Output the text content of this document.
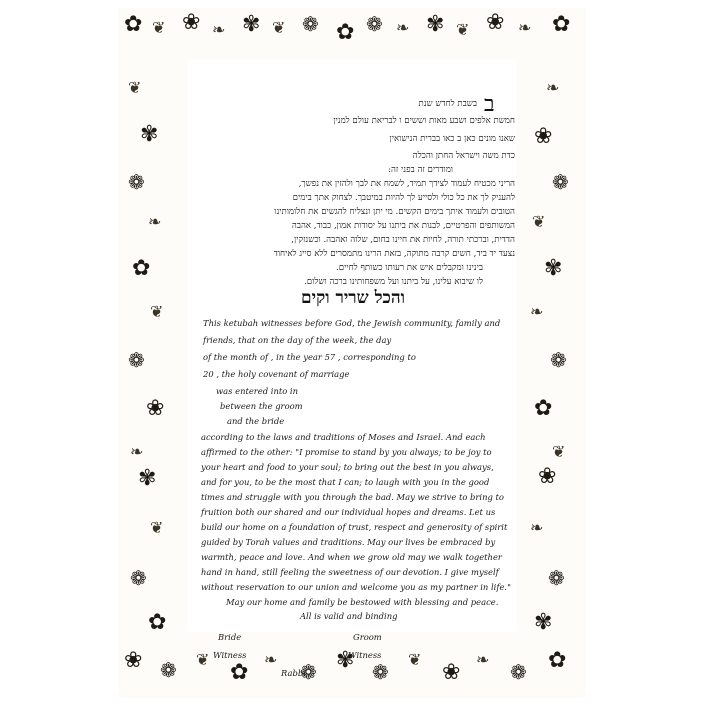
✿ ❦ ❀ ❧ ✾ ❦ ❁ ✿ ❁ ❧ ✾ ❦ ❀ ❧ ✿
❦
✾
❁
❧
✿
❦
❁
❀
❧
✾
❦
❁
✿
❧
❀
❁
❦
✾
❧
❁
✿
❦
❀
❧
❁
✾
❀ ❁ ❦
✿
❧
❁ ✾ ❁
❦
❀
❧
❁ ✿
ב
בשבת לחדש שנת
חמשת אלפים ושבע מאות וששים ו לבריאת עולם למנין
שאנו מונים כאן ב כאו בברית הנישואין
כדת משה וישראל החתן והכלה
ומודרים זה בפני זה:
הריני מכטיח לעמוד לצידך תמיד, לשמח את לבך ולהזין את נפשך,
להעניק לך את כל כולי ולסייע לך להיות במיטבך. לצחוק אתך בימים
הטובים ולעמוד איתך בימים הקשים. מי יתן ונצליח להגשים את חלומותינו
המשותפים והפרטיים, לבנות את ביתנו על יסודות אמון, כבוד, אהבה
הדדית, וברכתי תורה, לחיות את חיינו בחום, שלוה ואהבה. וכשנזקין,
נצעד יד ביד, חשים קרבה מתוקה, בזאת הרינו מתמסרים ללא סייג לאיחוד
בינינו ומקבלים איש את רעותו כשותף לחיים.
לו שיבוא עלינו, על ביתנו ועל משפחותינו ברכה ושלום.
והכל שריר וקים
This ketubah witnesses before God, the Jewish community, family and
friends, that on the day of the week, the day
of the month of , in the year 57 , corresponding to
20 , the holy covenant of marriage
was entered into in
between the groom
and the bride
according to the laws and traditions of Moses and Israel. And each
affirmed to the other: "I promise to stand by you always; to be joy to
your heart and food to your soul; to bring out the best in you always,
and for you, to be the most that I can; to laugh with you in the good
times and struggle with you through the bad. May we strive to bring to
fruition both our shared and our individual hopes and dreams. Let us
build our home on a foundation of trust, respect and generosity of spirit
guided by Torah values and traditions. May our lives be embraced by
warmth, peace and love. And when we grow old may we walk together
hand in hand, still feeling the sweetness of our devotion. I give myself
without reservation to our union and welcome you as my partner in life."
May our home and family be bestowed with blessing and peace.
All is valid and binding
Bride	Groom
Witness	Witness
Rabbi
